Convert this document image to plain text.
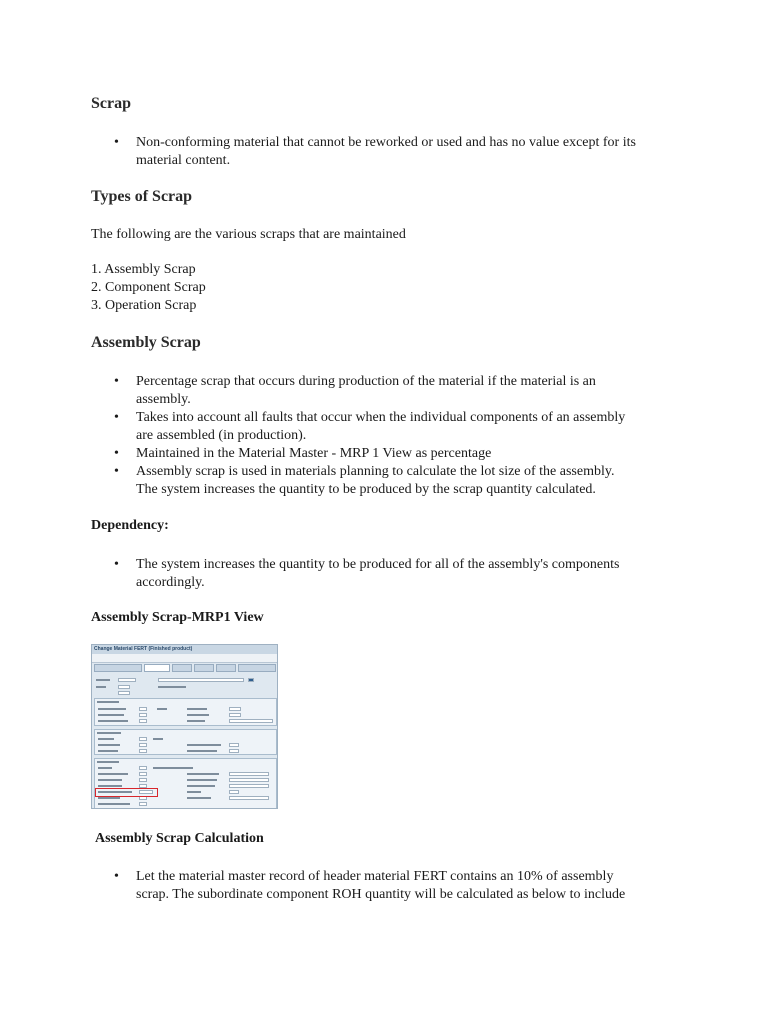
Scrap
• Non-conforming material that cannot be reworked or used and has no value except for its
material content.
Types of Scrap

The following are the various scraps that are maintained

1. Assembly Scrap
2. Component Scrap
3. Operation Scrap
Assembly Scrap
• Percentage scrap that occurs during production of the material if the material is an
assembly.
• Takes into account all faults that occur when the individual components of an assembly
are assembled (in production).
• Maintained in the Material Master - MRP 1 View as percentage
• Assembly scrap is used in materials planning to calculate the lot size of the assembly.
The system increases the quantity to be produced by the scrap quantity calculated.
Dependency:
• The system increases the quantity to be produced for all of the assembly's components
accordingly.
Assembly Scrap-MRP1 View
Change Material FERT (Finished product)
Assembly Scrap Calculation
• Let the material master record of header material FERT contains an 10% of assembly
scrap. The subordinate component ROH quantity will be calculated as below to include
